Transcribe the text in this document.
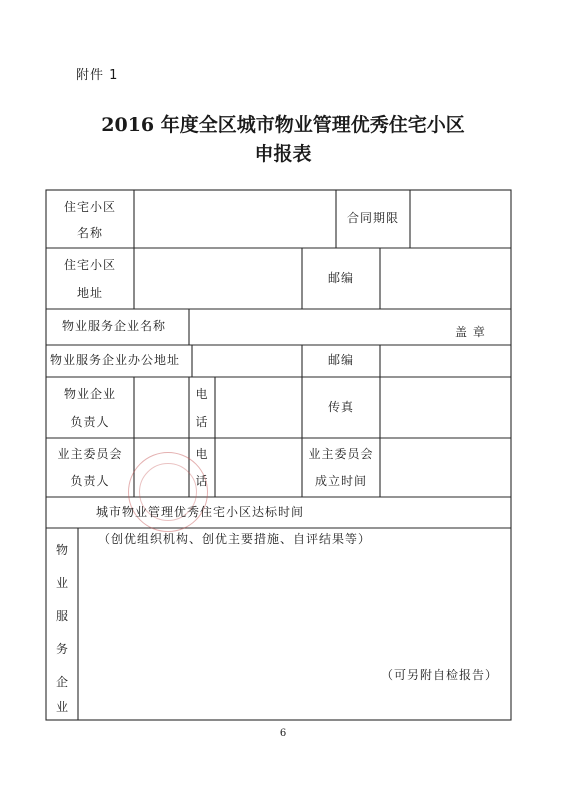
附件 1
2016 年度全区城市物业管理优秀住宅小区
申报表
住宅小区
名称
合同期限
住宅小区
地址
邮编
物业服务企业名称	盖 章
物业服务企业办公地址	邮编
物业企业
负责人
电
话
传真
业主委员会
负责人
电
话
业主委员会
成立时间
城市物业管理优秀住宅小区达标时间
物
业
服
务
企
业
（创优组织机构、创优主要措施、自评结果等）
（可另附自检报告）
6
